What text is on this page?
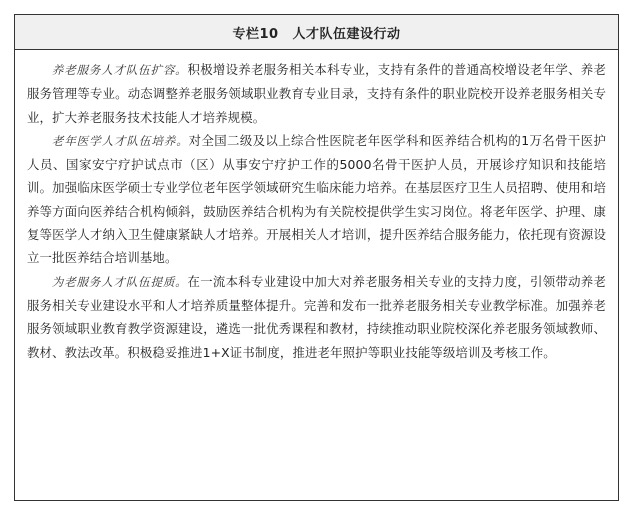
专栏10 人才队伍建设行动

养老服务人才队伍扩容。积极增设养老服务相关本科专业，支持有条件的普通高校增设老年学、养老服务管理等专业。动态调整养老服务领域职业教育专业目录，支持有条件的职业院校开设养老服务相关专业，扩大养老服务技术技能人才培养规模。

老年医学人才队伍培养。对全国二级及以上综合性医院老年医学科和医养结合机构的1万名骨干医护人员、国家安宁疗护试点市（区）从事安宁疗护工作的5000名骨干医护人员，开展诊疗知识和技能培训。加强临床医学硕士专业学位老年医学领域研究生临床能力培养。在基层医疗卫生人员招聘、使用和培养等方面向医养结合机构倾斜，鼓励医养结合机构为有关院校提供学生实习岗位。将老年医学、护理、康复等医学人才纳入卫生健康紧缺人才培养。开展相关人才培训，提升医养结合服务能力，依托现有资源设立一批医养结合培训基地。

为老服务人才队伍提质。在一流本科专业建设中加大对养老服务相关专业的支持力度，引领带动养老服务相关专业建设水平和人才培养质量整体提升。完善和发布一批养老服务相关专业教学标准。加强养老服务领域职业教育教学资源建设，遴选一批优秀课程和教材，持续推动职业院校深化养老服务领域教师、教材、教法改革。积极稳妥推进1+X证书制度，推进老年照护等职业技能等级培训及考核工作。
